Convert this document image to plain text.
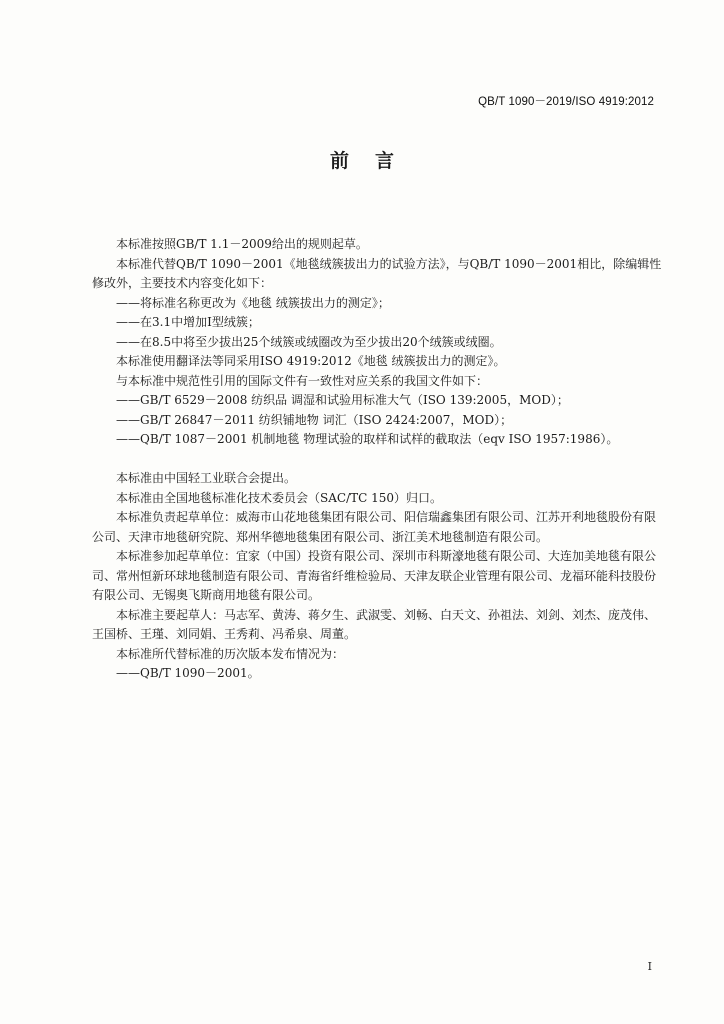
QB/T 1090－2019/ISO 4919:2012
前言

本标准按照GB/T 1.1－2009给出的规则起草。

本标准代替QB/T 1090－2001《地毯绒簇拔出力的试验方法》，与QB/T 1090－2001相比，除编辑性修改外，主要技术内容变化如下：

——将标准名称更改为《地毯 绒簇拔出力的测定》；

——在3.1中增加I型绒簇；

——在8.5中将至少拔出25个绒簇或绒圈改为至少拔出20个绒簇或绒圈。

本标准使用翻译法等同采用ISO 4919:2012《地毯 绒簇拔出力的测定》。

与本标准中规范性引用的国际文件有一致性对应关系的我国文件如下：

——GB/T 6529－2008 纺织品 调湿和试验用标准大气（ISO 139:2005，MOD）；

——GB/T 26847－2011 纺织铺地物 词汇（ISO 2424:2007，MOD）；

——QB/T 1087－2001 机制地毯 物理试验的取样和试样的截取法（eqv ISO 1957:1986）。

本标准由中国轻工业联合会提出。

本标准由全国地毯标准化技术委员会（SAC/TC 150）归口。

本标准负责起草单位：威海市山花地毯集团有限公司、阳信瑞鑫集团有限公司、江苏开利地毯股份有限公司、天津市地毯研究院、郑州华德地毯集团有限公司、浙江美术地毯制造有限公司。

本标准参加起草单位：宜家（中国）投资有限公司、深圳市科斯濠地毯有限公司、大连加美地毯有限公司、常州恒新环球地毯制造有限公司、青海省纤维检验局、天津友联企业管理有限公司、龙福环能科技股份有限公司、无锡奥飞斯商用地毯有限公司。

本标准主要起草人：马志军、黄涛、蒋夕生、武淑雯、刘畅、白天文、孙祖法、刘剑、刘杰、庞茂伟、王国桥、王瑾、刘同娟、王秀莉、冯希泉、周董。

本标准所代替标准的历次版本发布情况为：

——QB/T 1090－2001。

I
